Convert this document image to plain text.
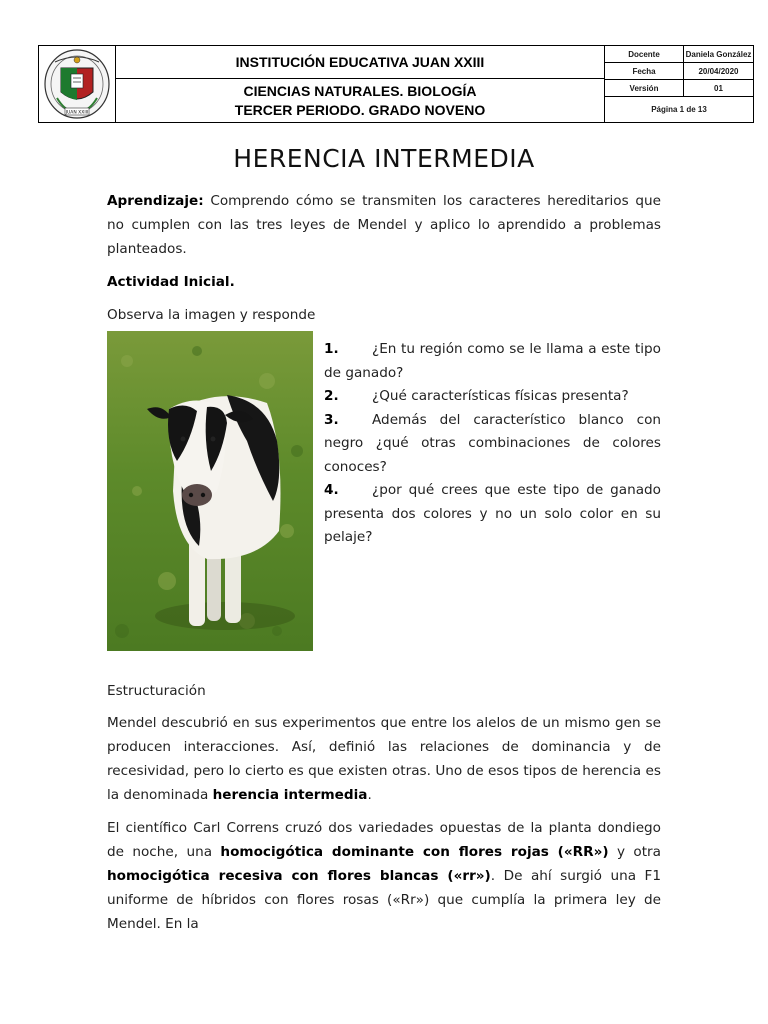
JUAN XXIII
INSTITUCIÓN EDUCATIVA JUAN XXIII
CIENCIAS NATURALES. BIOLOGÍA
TERCER PERIODO. GRADO NOVENO
Docente	Daniela González
Fecha	20/04/2020
Versión	01
Página 1 de 13
HERENCIA INTERMEDIA
Aprendizaje: Comprendo cómo se transmiten los caracteres hereditarios que no cumplen con las tres leyes de Mendel y aplico lo aprendido a problemas planteados.
Actividad Inicial.
Observa la imagen y responde

1. ¿En tu región como se le llama a este tipo de ganado?

2. ¿Qué características físicas presenta?

3. Además del característico blanco con negro ¿qué otras combinaciones de colores conoces?

4. ¿por qué crees que este tipo de ganado presenta dos colores y no un solo color en su pelaje?

Estructuración
Mendel descubrió en sus experimentos que entre los alelos de un mismo gen se producen interacciones. Así, definió las relaciones de dominancia y de recesividad, pero lo cierto es que existen otras. Uno de esos tipos de herencia es la denominada herencia intermedia.
El científico Carl Correns cruzó dos variedades opuestas de la planta dondiego de noche, una homocigótica dominante con flores rojas («RR») y otra homocigótica recesiva con flores blancas («rr»). De ahí surgió una F1 uniforme de híbridos con flores rosas («Rr») que cumplía la primera ley de Mendel. En la
